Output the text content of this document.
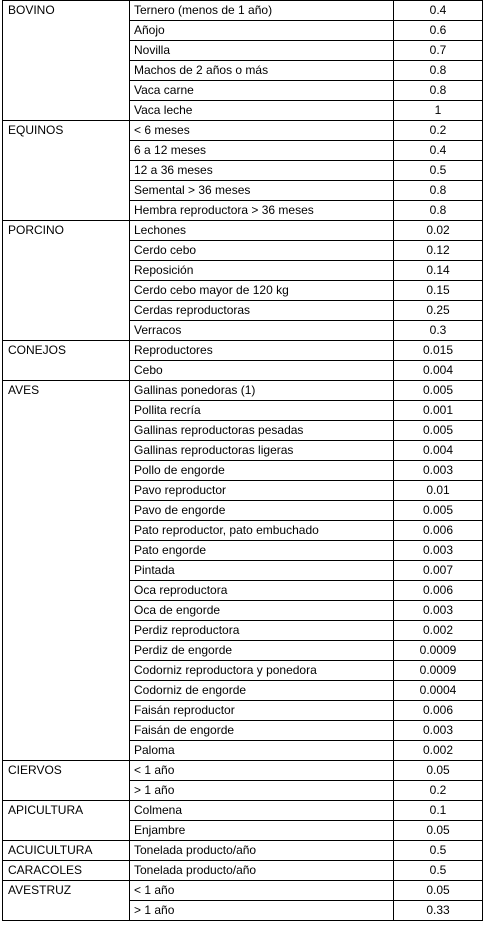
BOVINO	Ternero (menos de 1 año)	0.4
	Añojo	0.6
	Novilla	0.7
	Machos de 2 años o más	0.8
	Vaca carne	0.8
	Vaca leche	1
EQUINOS	< 6 meses	0.2
	6 a 12 meses	0.4
	12 a 36 meses	0.5
	Semental > 36 meses	0.8
	Hembra reproductora > 36 meses	0.8
PORCINO	Lechones	0.02
	Cerdo cebo	0.12
	Reposición	0.14
	Cerdo cebo mayor de 120 kg	0.15
	Cerdas reproductoras	0.25
	Verracos	0.3
CONEJOS	Reproductores	0.015
	Cebo	0.004
AVES	Gallinas ponedoras (1)	0.005
	Pollita recría	0.001
	Gallinas reproductoras pesadas	0.005
	Gallinas reproductoras ligeras	0.004
	Pollo de engorde	0.003
	Pavo reproductor	0.01
	Pavo de engorde	0.005
	Pato reproductor, pato embuchado	0.006
	Pato engorde	0.003
	Pintada	0.007
	Oca reproductora	0.006
	Oca de engorde	0.003
	Perdiz reproductora	0.002
	Perdiz de engorde	0.0009
	Codorniz reproductora y ponedora	0.0009
	Codorniz de engorde	0.0004
	Faisán reproductor	0.006
	Faisán de engorde	0.003
	Paloma	0.002
CIERVOS	< 1 año	0.05
	> 1 año	0.2
APICULTURA	Colmena	0.1
	Enjambre	0.05
ACUICULTURA	Tonelada producto/año	0.5
CARACOLES	Tonelada producto/año	0.5
AVESTRUZ	< 1 año	0.05
	> 1 año	0.33
